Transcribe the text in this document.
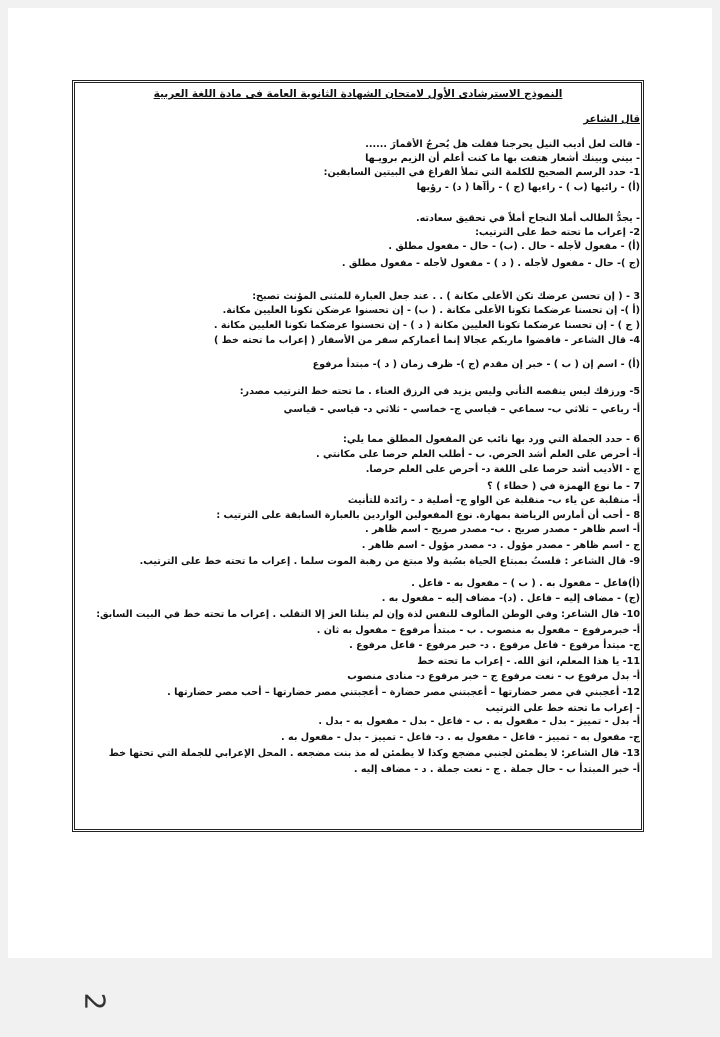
النموذج الاسترشادى الأول لامتحان الشهادة الثانوية العامة فى مادة اللغة العربية
قال الشاعر
- قالت لعل أديب النيل يحرجنا فقلت هل يُحرجُ الأقمارَ ......
- بيني وبينك أشعار هتفت بها ما كنت أعلم أن الزيم برويـها
1- حدد الرسم الصحيح للكلمة التي تملأ الفراغ في البيتين السابقين:
(أ) - رائيها (ب ) - راءيها (ج ) - رأآها ( د) - رؤيها
- يجدُّ الطالب أملا النجاح أملاً في تحقيق سعادته.
2- إعراب ما تحته خط على الترتيب:
(أ) - مفعول لأجله - حال . (ب) - حال - مفعول مطلق .
(ج )- حال - مفعول لأجله . ( د ) - مفعول لأجله - مفعول مطلق .
3 - ( إن تحسن عرضك تكن الأعلى مكانة ) . . عند جعل العبارة للمثنى المؤنث تصبح:
(أ )- إن تحسنا عرضكما تكونا الأعلى مكانة . ( ب) - إن تحسنوا عرضكن تكونا العليين مكانة.
( ج ) - إن تحسنا عرضكما تكونا العليين مكانة ( د ) - إن تحسنوا عرضكما تكونا العليين مكانة .
4- قال الشاعر - فاقضوا ماربكم عجالا إنما أعماركم سفر من الأسفار ( إعراب ما تحته خط )
(أ) - اسم إن ( ب ) - خبر إن مقدم (ج )- ظرف زمان ( د )- مبتدأ مرفوع
5- ورزقك ليس ينقصه التأني وليس يزيد في الرزق العناء . ما تحته خط الترتيب مصدر:
أ- رباعي – ثلاثي ب- سماعي – قياسي ج- خماسي - ثلاثي د- قياسي - قياسي
6 - حدد الجملة التي ورد بها نائب عن المفعول المطلق مما يلي:
أ- أحرص على العلم أشد الحرص. ب - أطلب العلم حرصا على مكانتي .
ج - الأديب أشد حرصا على اللغة د- أحرص على العلم حرصا.
7 - ما نوع الهمزة في ( خطاء ) ؟
أ- منقلبة عن ياء ب- منقلبة عن الواو ج- أصلية د - زائدة للتأنيث
8 - أحب أن أمارس الرياضة بمهارة. نوع المفعولين الواردين بالعبارة السابقة على الترتيب :
أ- اسم ظاهر - مصدر صريح . ب- مصدر صريح - اسم ظاهر .
ج - اسم ظاهر - مصدر مؤول . د- مصدر مؤول - اسم ظاهر .
9- قال الشاعر : فلستُ بمبتاع الحياة بسُبة ولا مبتغ من رهبة الموت سلما . إعراب ما تحته خط على الترتيب.
(أ)فاعل – مفعول به . ( ب ) – مفعول به - فاعل .
(ج) - مضاف إليه – فاعل . (د)- مضاف إليه – مفعول به .
10- قال الشاعر: وفي الوطن المألوف للنفس لذة وإن لم ينلنا العز إلا التقلب . إعراب ما تحته خط في البيت السابق:
أ- خبرمرفوع – مفعول به منصوب . ب - مبتدأ مرفوع – مفعول به ثان .
ج- مبتدأ مرفوع - فاعل مرفوع . د- خبر مرفوع - فاعل مرفوع .
11- يا هذا المعلم، اتق الله. - إعراب ما تحته خط
أ- بدل مرفوع ب - نعت مرفوع ج – خبر مرفوع د- منادى منصوب
12- أعجبني في مصر حضارتها – أعجبتني مصر حضارة – أعجبتني مصر حضارتها – أحب مصر حضارتها .
- إعراب ما تحته خط على الترتيب
أ- بدل - تمييز - بدل - مفعول به . ب - فاعل - بدل - مفعول به - بدل .
ج- مفعول به - تمييز - فاعل - مفعول به . د- فاعل - تمييز - بدل - مفعول به .
13- قال الشاعر: لا يطمئن لجنبي مضجع وكذا لا يطمئن له مذ بنت مضجعه . المحل الإعرابي للجملة التي تحتها خط
أ- خبر المبتدأ ب - حال جملة . ج - نعت جملة . د - مضاف إليه .
2
